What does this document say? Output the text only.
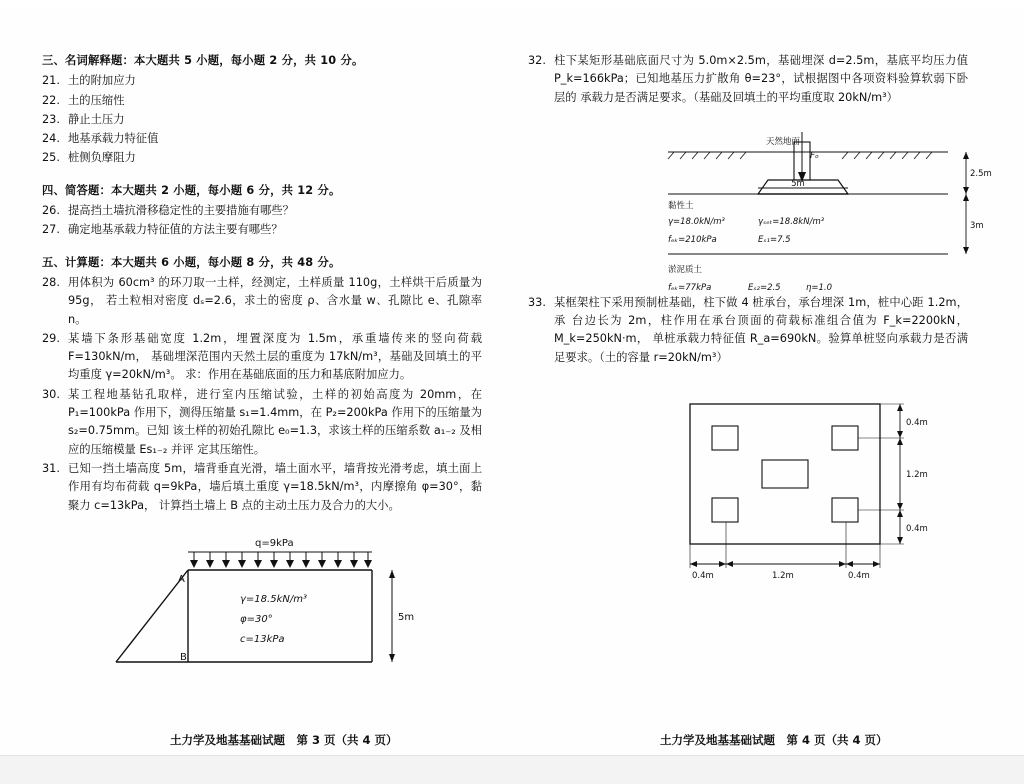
三、名词解释题：本大题共 5 小题，每小题 2 分，共 10 分。
21. 土的附加应力
22. 土的压缩性
23. 静止土压力
24. 地基承载力特征值
25. 桩侧负摩阻力
四、简答题：本大题共 2 小题，每小题 6 分，共 12 分。
26. 提高挡土墙抗滑移稳定性的主要措施有哪些？
27. 确定地基承载力特征值的方法主要有哪些？
五、计算题：本大题共 6 小题，每小题 8 分，共 48 分。
28. 用体积为 60cm³ 的环刀取一土样，经测定，土样质量 110g，土样烘干后质量为 95g， 若土粒相对密度 dₛ=2.6，求土的密度 ρ、含水量 w、孔隙比 e、孔隙率 n。
29. 某墙下条形基础宽度 1.2m，埋置深度为 1.5m，承重墙传来的竖向荷载 F=130kN/m， 基础埋深范围内天然土层的重度为 17kN/m³，基础及回填土的平均重度 γ=20kN/m³。 求：作用在基础底面的压力和基底附加应力。
30. 某工程地基钻孔取样，进行室内压缩试验，土样的初始高度为 20mm，在 P₁=100kPa 作用下，测得压缩量 s₁=1.4mm，在 P₂=200kPa 作用下的压缩量为 s₂=0.75mm。已知 该土样的初始孔隙比 e₀=1.3，求该土样的压缩系数 a₁₋₂ 及相应的压缩模量 Es₁₋₂ 并评 定其压缩性。
31. 已知一挡土墙高度 5m，墙背垂直光滑，墙土面水平，墙背按光滑考虑，填土面上 作用有均布荷载 q=9kPa，墙后填土重度 γ=18.5kN/m³，内摩擦角 φ=30°，黏聚力 c=13kPa， 计算挡土墙上 B 点的主动土压力及合力的大小。
32. 柱下某矩形基础底面尺寸为 5.0m×2.5m，基础埋深 d=2.5m，基底平均压力值 P_k=166kPa；已知地基压力扩散角 θ=23°，试根据图中各项资料验算软弱下卧层的 承载力是否满足要求。（基础及回填土的平均重度取 20kN/m³）
33. 某框架柱下采用预制桩基础，柱下做 4 桩承台，承台埋深 1m，桩中心距 1.2m，承 台边长为 2m，柱作用在承台顶面的荷载标准组合值为 F_k=2200kN，M_k=250kN·m， 单桩承载力特征值 R_a=690kN。验算单桩竖向承载力是否满足要求。（土的容量 r=20kN/m³）
q=9kPa
A
B
5m
γ=18.5kN/m³
φ=30°
c=13kPa
天然地面
Fₒ
5m
2.5m
3m
黏性土
γ=18.0kN/m³	γₛₑₜ=18.8kN/m³
fₑₖ=210kPa	Eₛ₁=7.5
淤泥质土
fₑₖ=77kPa	Eₛ₂=2.5	η=1.0
0.4m
1.2m
0.4m
0.4m	1.2m	0.4m
土力学及地基基础试题　第 3 页（共 4 页）	土力学及地基基础试题　第 4 页（共 4 页）
